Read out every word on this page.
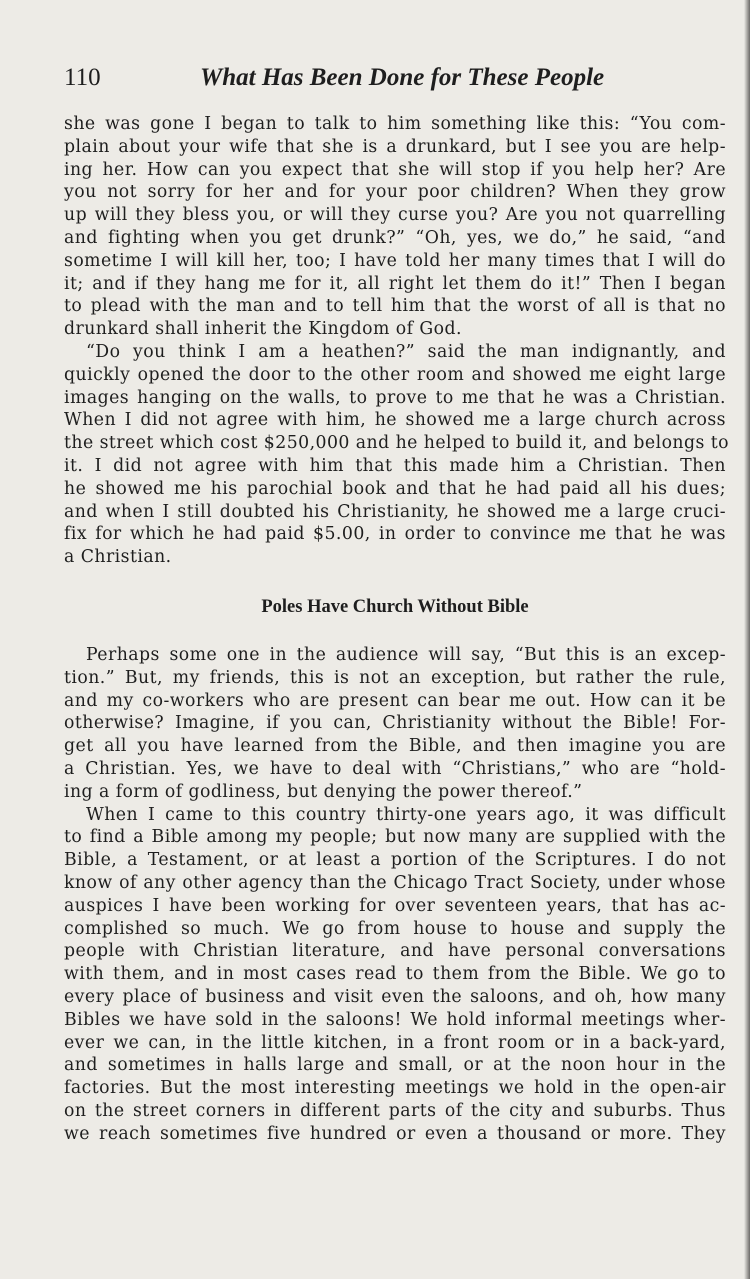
110	What Has Been Done for These People

she was gone I began to talk to him something like this: “You com-

plain about your wife that she is a drunkard, but I see you are help-

ing her. How can you expect that she will stop if you help her? Are

you not sorry for her and for your poor children? When they grow

up will they bless you, or will they curse you? Are you not quarrelling

and fighting when you get drunk?” “Oh, yes, we do,” he said, “and

sometime I will kill her, too; I have told her many times that I will do

it; and if they hang me for it, all right let them do it!” Then I began

to plead with the man and to tell him that the worst of all is that no

drunkard shall inherit the Kingdom of God.

“Do you think I am a heathen?” said the man indignantly, and

quickly opened the door to the other room and showed me eight large

images hanging on the walls, to prove to me that he was a Christian.

When I did not agree with him, he showed me a large church across

the street which cost $250,000 and he helped to build it, and belongs to

it. I did not agree with him that this made him a Christian. Then

he showed me his parochial book and that he had paid all his dues;

and when I still doubted his Christianity, he showed me a large cruci-

fix for which he had paid $5.00, in order to convince me that he was

a Christian.

Poles Have Church Without Bible

Perhaps some one in the audience will say, “But this is an excep-

tion.” But, my friends, this is not an exception, but rather the rule,

and my co-workers who are present can bear me out. How can it be

otherwise? Imagine, if you can, Christianity without the Bible! For-

get all you have learned from the Bible, and then imagine you are

a Christian. Yes, we have to deal with “Christians,” who are “hold-

ing a form of godliness, but denying the power thereof.”

When I came to this country thirty-one years ago, it was difficult

to find a Bible among my people; but now many are supplied with the

Bible, a Testament, or at least a portion of the Scriptures. I do not

know of any other agency than the Chicago Tract Society, under whose

auspices I have been working for over seventeen years, that has ac-

complished so much. We go from house to house and supply the

people with Christian literature, and have personal conversations

with them, and in most cases read to them from the Bible. We go to

every place of business and visit even the saloons, and oh, how many

Bibles we have sold in the saloons! We hold informal meetings wher-

ever we can, in the little kitchen, in a front room or in a back-yard,

and sometimes in halls large and small, or at the noon hour in the

factories. But the most interesting meetings we hold in the open-air

on the street corners in different parts of the city and suburbs. Thus

we reach sometimes five hundred or even a thousand or more. They
